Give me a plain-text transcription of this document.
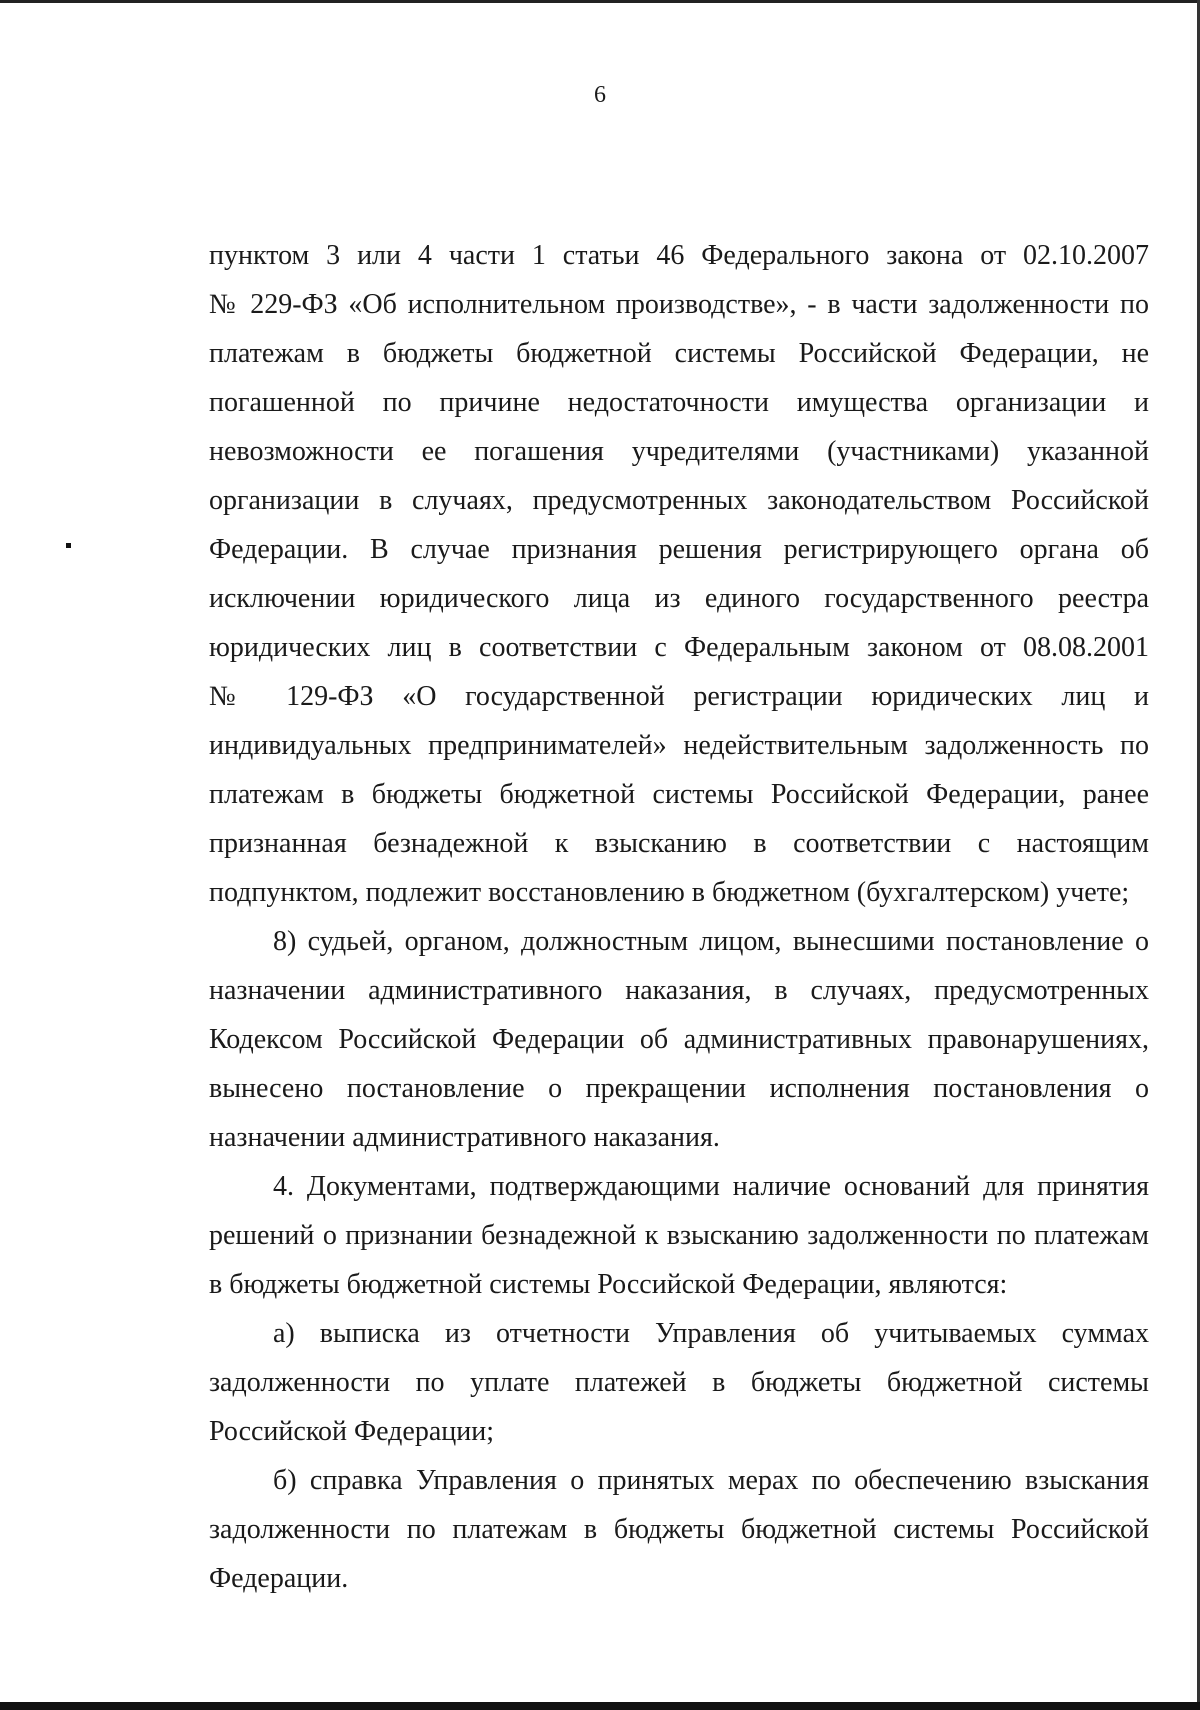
6
пунктом 3 или 4 части 1 статьи 46 Федерального закона от 02.10.2007
№ 229-ФЗ «Об исполнительном производстве», - в части задолженности по
платежам в бюджеты бюджетной системы Российской Федерации, не
погашенной по причине недостаточности имущества организации и
невозможности ее погашения учредителями (участниками) указанной
организации в случаях, предусмотренных законодательством Российской
Федерации. В случае признания решения регистрирующего органа об
исключении юридического лица из единого государственного реестра
юридических лиц в соответствии с Федеральным законом от 08.08.2001
№ 129-ФЗ «О государственной регистрации юридических лиц и
индивидуальных предпринимателей» недействительным задолженность по
платежам в бюджеты бюджетной системы Российской Федерации, ранее
признанная безнадежной к взысканию в соответствии с настоящим
подпунктом, подлежит восстановлению в бюджетном (бухгалтерском) учете;
8) судьей, органом, должностным лицом, вынесшими постановление о
назначении административного наказания, в случаях, предусмотренных
Кодексом Российской Федерации об административных правонарушениях,
вынесено постановление о прекращении исполнения постановления о
назначении административного наказания.
4. Документами, подтверждающими наличие оснований для принятия
решений о признании безнадежной к взысканию задолженности по платежам
в бюджеты бюджетной системы Российской Федерации, являются:
а) выписка из отчетности Управления об учитываемых суммах
задолженности по уплате платежей в бюджеты бюджетной системы
Российской Федерации;
б) справка Управления о принятых мерах по обеспечению взыскания
задолженности по платежам в бюджеты бюджетной системы Российской
Федерации.
